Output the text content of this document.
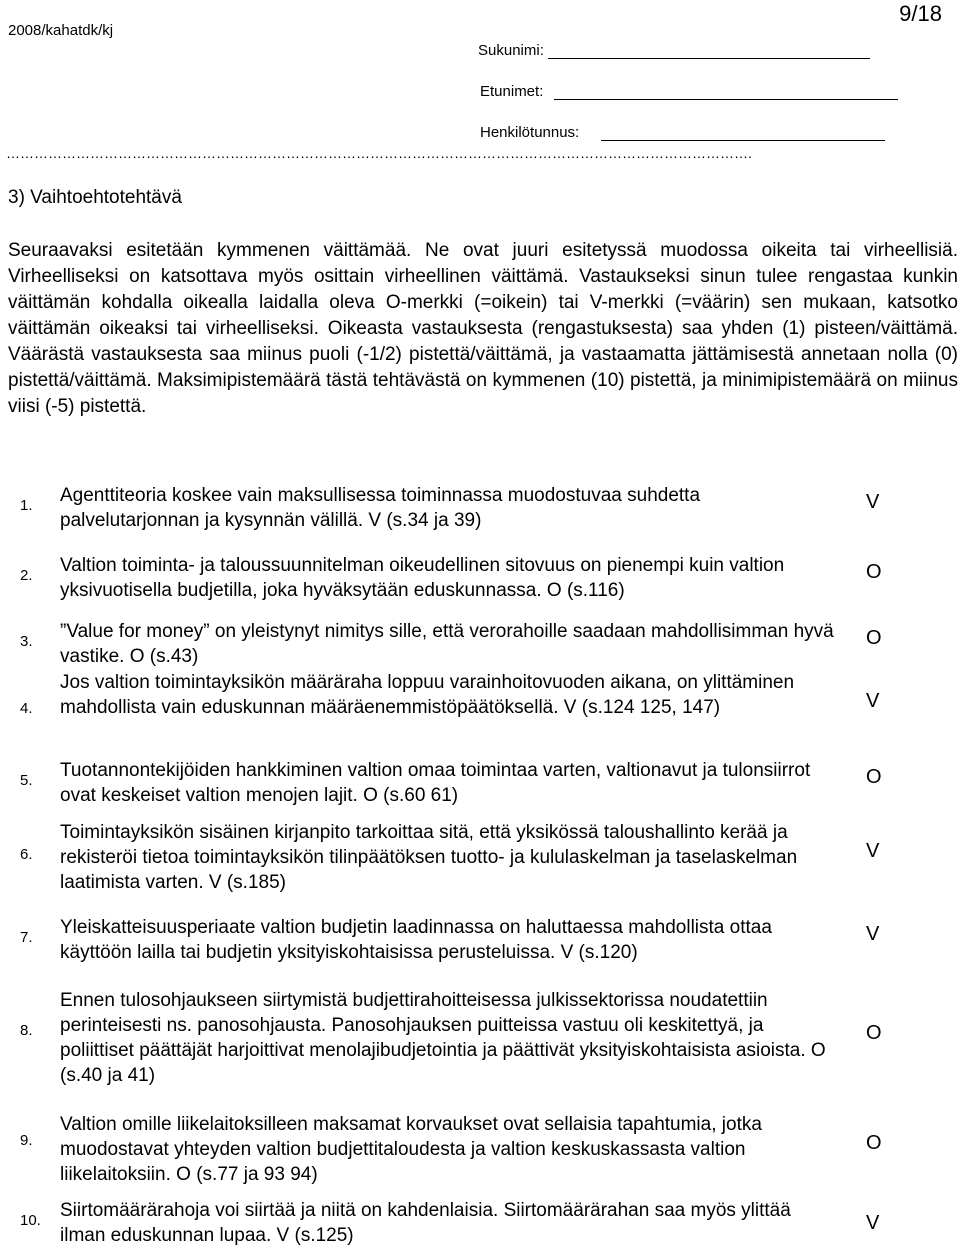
2008/kahatdk/kj
9/18
Sukunimi:
Etunimet:
Henkilötunnus:
…………………………………………………………………………………………………………………………………………….
3) Vaihtoehtotehtävä

Seuraavaksi esitetään kymmenen väittämää. Ne ovat juuri esitetyssä muodossa oikeita tai virheellisiä. Virheelliseksi on katsottava myös osittain virheellinen väittämä. Vastaukseksi sinun tulee rengastaa kunkin väittämän kohdalla oikealla laidalla oleva O-merkki (=oikein) tai V-merkki (=väärin) sen mukaan, katsotko väittämän oikeaksi tai virheelliseksi. Oikeasta vastauksesta (rengastuksesta) saa yhden (1) pisteen/väittämä. Väärästä vastauksesta saa miinus puoli (-1/2) pistettä/väittämä, ja vastaamatta jättämisestä annetaan nolla (0) pistettä/väittämä. Maksimipistemäärä tästä tehtävästä on kymmenen (10) pistettä, ja minimipistemäärä on miinus viisi (-5) pistettä.

1. Agenttiteoria koskee vain maksullisessa toiminnassa muodostuvaa suhdetta palvelutarjonnan ja kysynnän välillä. V (s.34 ja 39)
V
2. Valtion toiminta- ja taloussuunnitelman oikeudellinen sitovuus on pienempi kuin valtion yksivuotisella budjetilla, joka hyväksytään eduskunnassa. O (s.116)
O
3. ”Value for money” on yleistynyt nimitys sille, että verorahoille saadaan mahdollisimman hyvä vastike. O (s.43)
O
4.
Jos valtion toimintayksikön määräraha loppuu varainhoitovuoden aikana, on ylittäminen mahdollista vain eduskunnan määräenemmistöpäätöksellä. V (s.124 125, 147)	V
5. Tuotannontekijöiden hankkiminen valtion omaa toimintaa varten, valtionavut ja tulonsiirrot ovat keskeiset valtion menojen lajit. O (s.60 61)
O
6.
Toimintayksikön sisäinen kirjanpito tarkoittaa sitä, että yksikössä taloushallinto kerää ja rekisteröi tietoa toimintayksikön tilinpäätöksen tuotto- ja kululaskelman ja taselaskelman laatimista varten. V (s.185)
V
7. Yleiskatteisuusperiaate valtion budjetin laadinnassa on haluttaessa mahdollista ottaa käyttöön lailla tai budjetin yksityiskohtaisissa perusteluissa. V (s.120)
V
8.
Ennen tulosohjaukseen siirtymistä budjettirahoitteisessa julkissektorissa noudatettiin perinteisesti ns. panosohjausta. Panosohjauksen puitteissa vastuu oli keskitettyä, ja poliittiset päättäjät harjoittivat menolajibudjetointia ja päättivät yksityiskohtaisista asioista. O (s.40 ja 41)
O
9.
Valtion omille liikelaitoksilleen maksamat korvaukset ovat sellaisia tapahtumia, jotka muodostavat yhteyden valtion budjettitaloudesta ja valtion keskuskassasta valtion liikelaitoksiin. O (s.77 ja 93 94)
O
10. Siirtomäärärahoja voi siirtää ja niitä on kahdenlaisia. Siirtomäärärahan saa myös ylittää ilman eduskunnan lupaa. V (s.125)
V
